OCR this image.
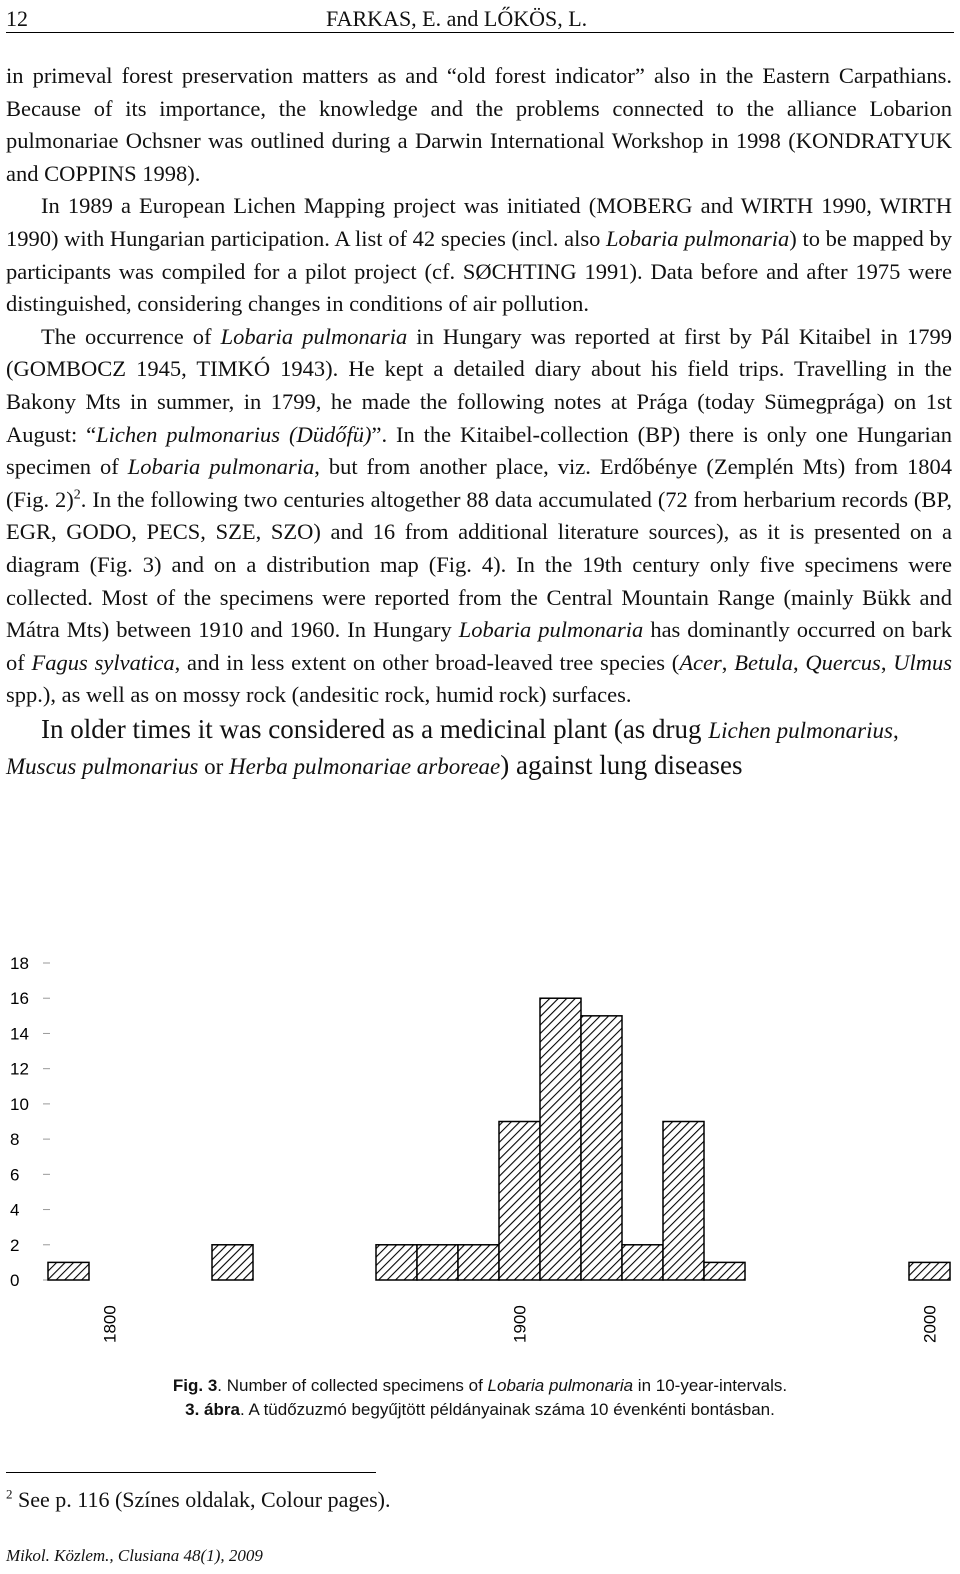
12	FARKAS, E. and LŐKÖS, L.

in primeval forest preservation matters as and “old forest indicator” also in the Eastern Carpathians. Because of its importance, the knowledge and the problems connected to the alliance Lobarion pulmonariae Ochsner was outlined during a Darwin International Workshop in 1998 (KONDRATYUK and COPPINS 1998).

In 1989 a European Lichen Mapping project was initiated (MOBERG and WIRTH 1990, WIRTH 1990) with Hungarian participation. A list of 42 species (incl. also Lobaria pulmonaria) to be mapped by participants was compiled for a pilot project (cf. SØCHTING 1991). Data before and after 1975 were distinguished, considering changes in conditions of air pollution.

The occurrence of Lobaria pulmonaria in Hungary was reported at first by Pál Kitaibel in 1799 (GOMBOCZ 1945, TIMKÓ 1943). He kept a detailed diary about his field trips. Travelling in the Bakony Mts in summer, in 1799, he made the following notes at Prága (today Sümegprága) on 1st August: “Lichen pulmonarius (Düdőfü)”. In the Kitaibel-collection (BP) there is only one Hungarian specimen of Lobaria pulmonaria, but from another place, viz. Erdőbénye (Zemplén Mts) from 1804 (Fig. 2)$^2$. In the following two centuries altogether 88 data accumulated (72 from herbarium records (BP, EGR, GODO, PECS, SZE, SZO) and 16 from additional literature sources), as it is presented on a diagram (Fig. 3) and on a distribution map (Fig. 4). In the 19th century only five specimens were collected. Most of the specimens were reported from the Central Mountain Range (mainly Bükk and Mátra Mts) between 1910 and 1960. In Hungary Lobaria pulmonaria has dominantly occurred on bark of Fagus sylvatica, and in less extent on other broad-leaved tree species (Acer, Betula, Quercus, Ulmus spp.), as well as on mossy rock (andesitic rock, humid rock) surfaces.

In older times it was considered as a medicinal plant (as drug Lichen pulmonarius, Muscus pulmonarius or Herba pulmonariae arboreae) against lung diseases

0
2
4
6
8
10
12
14
16
18
1800	1900	2000
Fig. 3. Number of collected specimens of Lobaria pulmonaria in 10-year-intervals.
3. ábra. A tüdőzuzmó begyűjtött példányainak száma 10 évenkénti bontásban.
$^2$ See p. 116 (Színes oldalak, Colour pages).
Mikol. Közlem., Clusiana 48(1), 2009
